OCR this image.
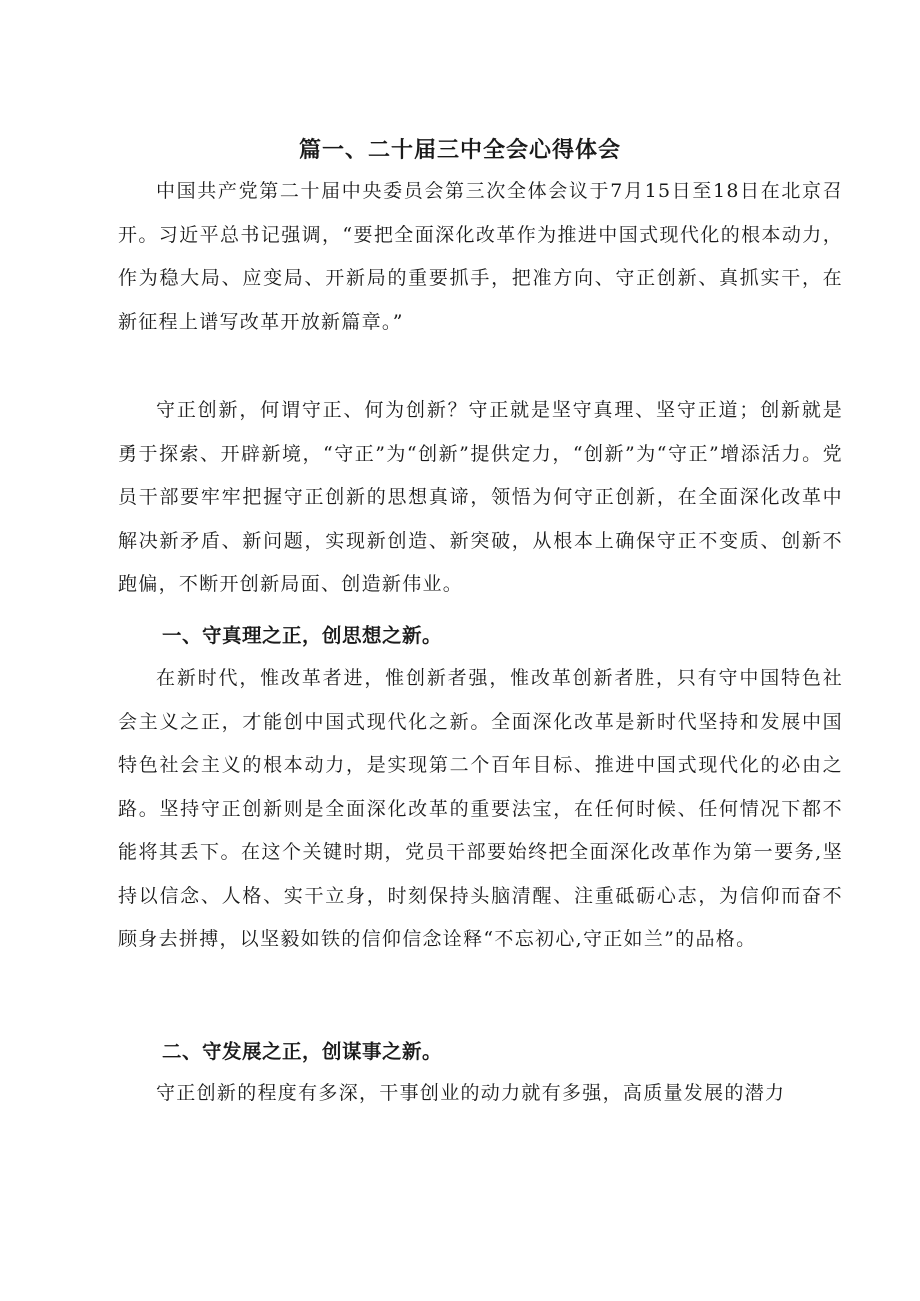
篇一、二十届三中全会心得体会

中国共产党第二十届中央委员会第三次全体会议于7月15日至18日在北京召开。习近平总书记强调，“要把全面深化改革作为推进中国式现代化的根本动力，作为稳大局、应变局、开新局的重要抓手，把准方向、守正创新、真抓实干，在新征程上谱写改革开放新篇章。”

守正创新，何谓守正、何为创新？守正就是坚守真理、坚守正道；创新就是勇于探索、开辟新境，“守正”为“创新”提供定力，“创新”为“守正”增添活力。党员干部要牢牢把握守正创新的思想真谛，领悟为何守正创新，在全面深化改革中解决新矛盾、新问题，实现新创造、新突破，从根本上确保守正不变质、创新不跑偏，不断开创新局面、创造新伟业。

一、守真理之正，创思想之新。

在新时代，惟改革者进，惟创新者强，惟改革创新者胜，只有守中国特色社会主义之正，才能创中国式现代化之新。全面深化改革是新时代坚持和发展中国特色社会主义的根本动力，是实现第二个百年目标、推进中国式现代化的必由之路。坚持守正创新则是全面深化改革的重要法宝，在任何时候、任何情况下都不能将其丢下。在这个关键时期，党员干部要始终把全面深化改革作为第一要务,坚持以信念、人格、实干立身，时刻保持头脑清醒、注重砥砺心志，为信仰而奋不顾身去拼搏，以坚毅如铁的信仰信念诠释“不忘初心,守正如兰”的品格。

二、守发展之正，创谋事之新。

守正创新的程度有多深，干事创业的动力就有多强，高质量发展的潜力
